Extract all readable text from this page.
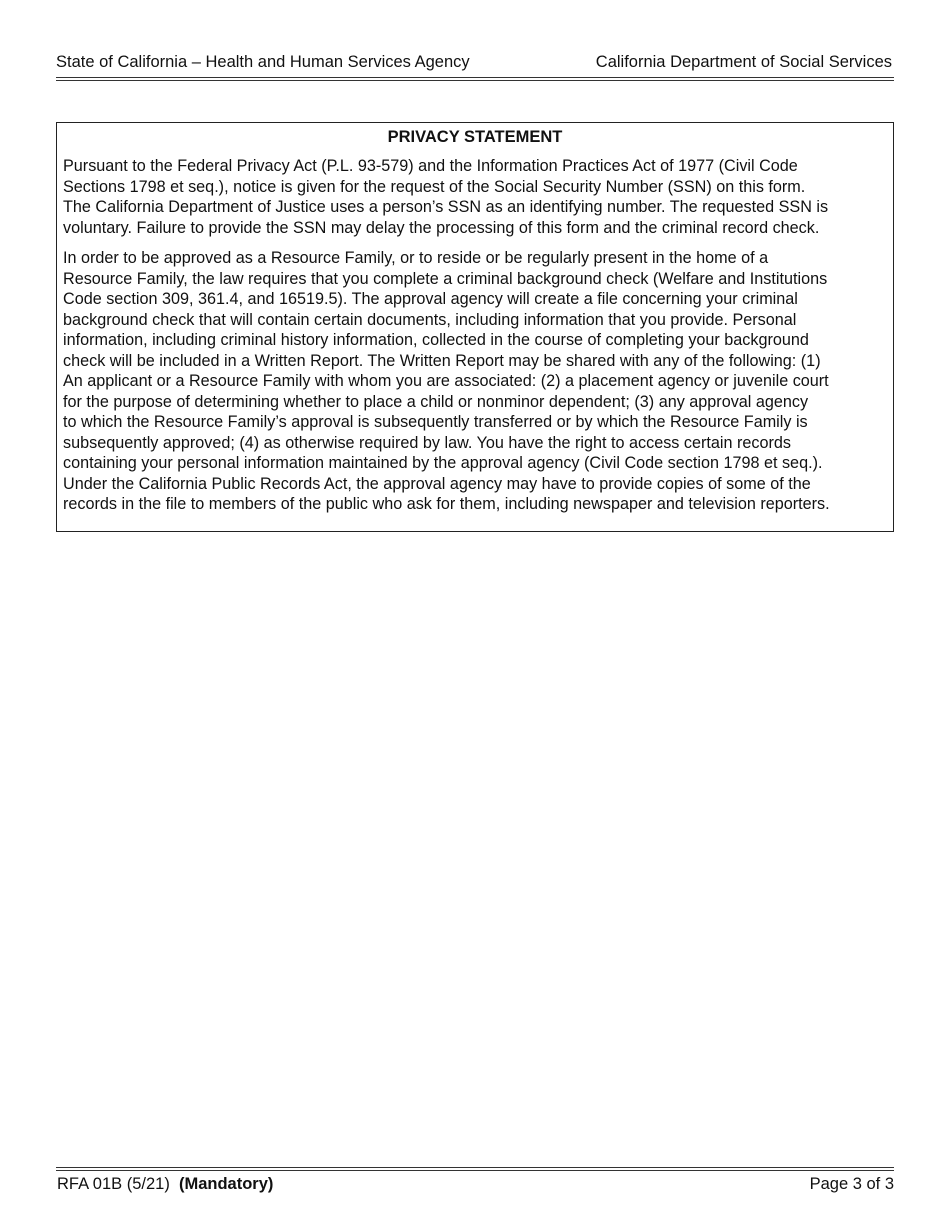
State of California – Health and Human Services Agency	California Department of Social Services
PRIVACY STATEMENT

Pursuant to the Federal Privacy Act (P.L. 93-579) and the Information Practices Act of 1977 (Civil Code
Sections 1798 et seq.), notice is given for the request of the Social Security Number (SSN) on this form.
The California Department of Justice uses a person’s SSN as an identifying number. The requested SSN is
voluntary. Failure to provide the SSN may delay the processing of this form and the criminal record check.

In order to be approved as a Resource Family, or to reside or be regularly present in the home of a
Resource Family, the law requires that you complete a criminal background check (Welfare and Institutions
Code section 309, 361.4, and 16519.5). The approval agency will create a file concerning your criminal
background check that will contain certain documents, including information that you provide. Personal
information, including criminal history information, collected in the course of completing your background
check will be included in a Written Report. The Written Report may be shared with any of the following: (1)
An applicant or a Resource Family with whom you are associated: (2) a placement agency or juvenile court
for the purpose of determining whether to place a child or nonminor dependent; (3) any approval agency
to which the Resource Family’s approval is subsequently transferred or by which the Resource Family is
subsequently approved; (4) as otherwise required by law. You have the right to access certain records
containing your personal information maintained by the approval agency (Civil Code section 1798 et seq.).
Under the California Public Records Act, the approval agency may have to provide copies of some of the
records in the file to members of the public who ask for them, including newspaper and television reporters.

RFA 01B (5/21) (Mandatory)	Page 3 of 3
